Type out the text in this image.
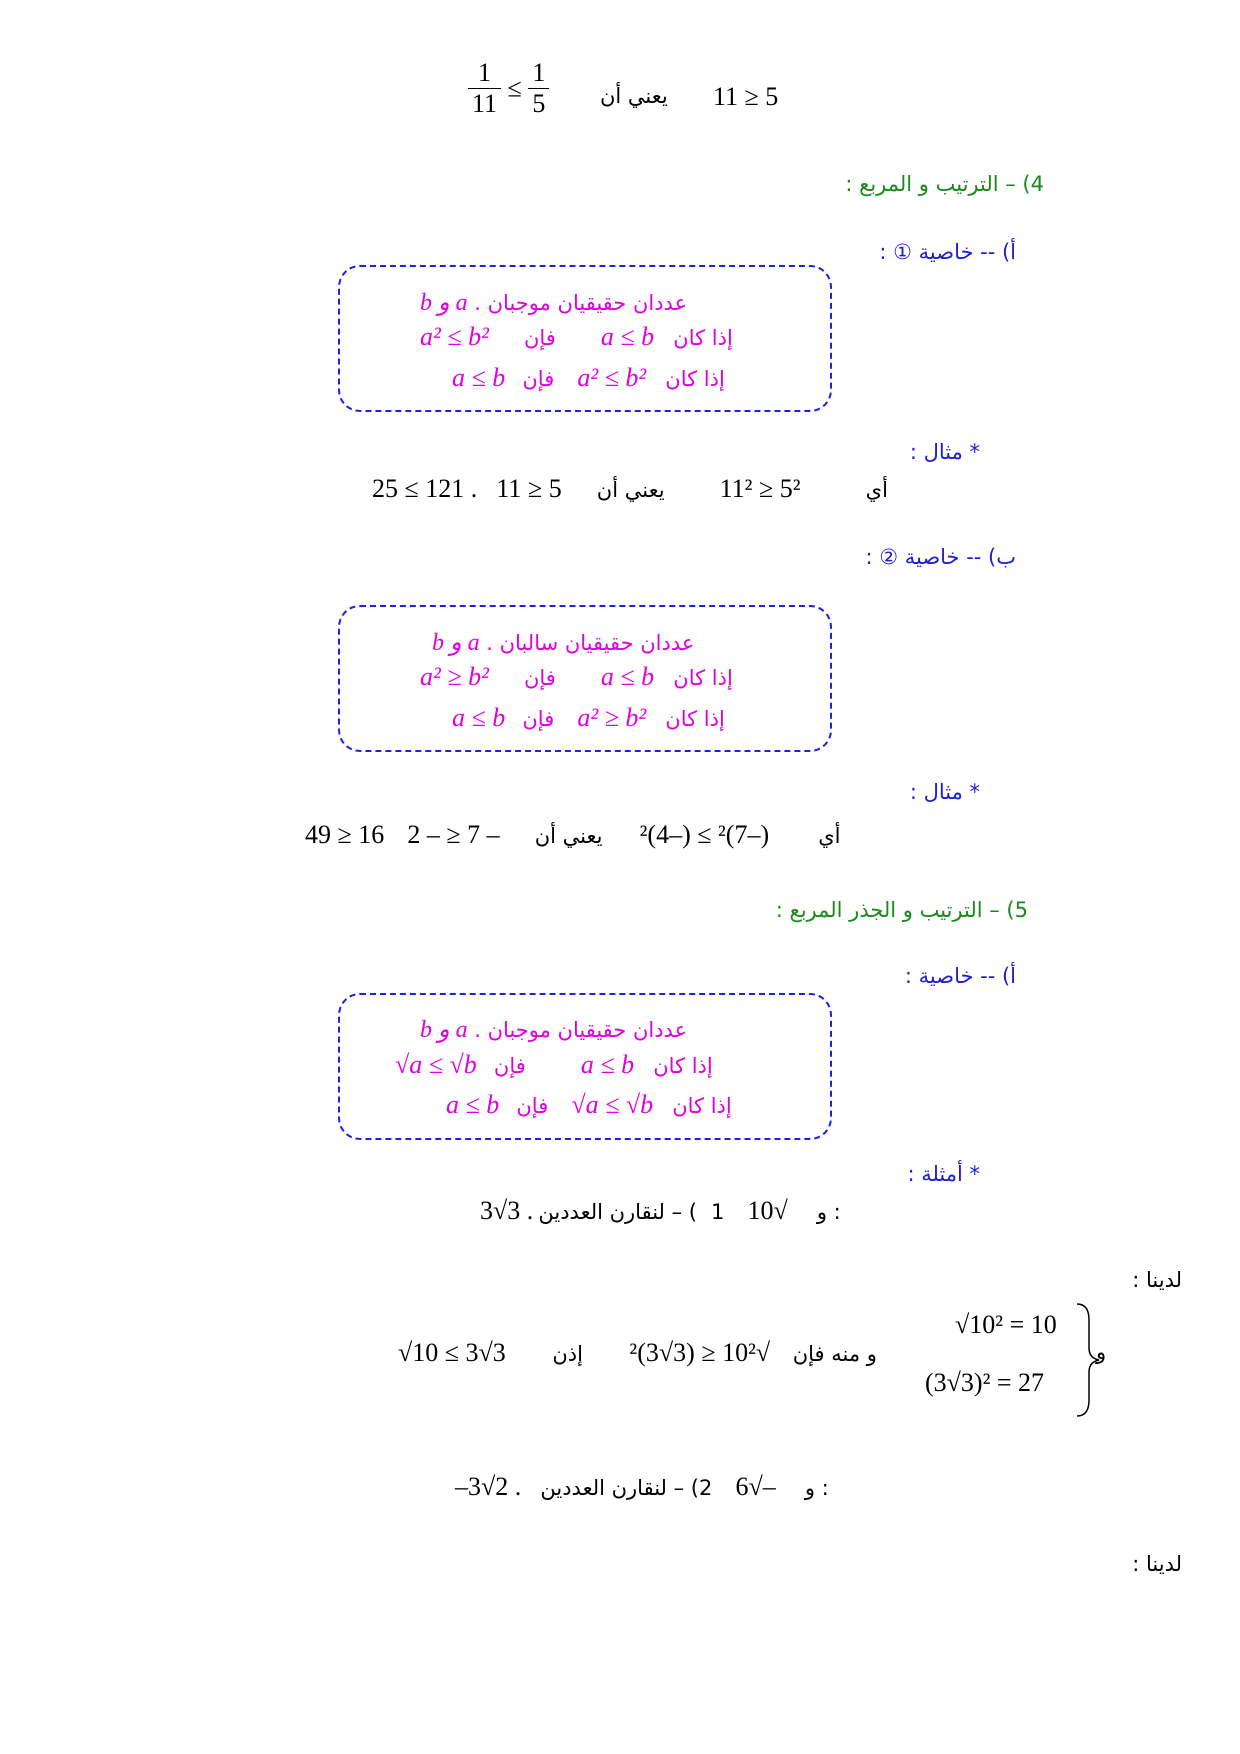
$\frac{1}{11} \le \frac{1}{5}$ يعني أن 11 ≥ 5
4) – الترتيب و المربع :
أ) -- خاصية ① :
عددان حقيقيان موجبان . a و b
a² ≤ b² فإن a ≤ b إذا كان
a ≤ b فإن a² ≤ b² إذا كان
* مثال :
25 ≤ 121 .	أي 5² ≤ 11² يعني أن 5 ≤ 11
ب) -- خاصية ② :
عددان حقيقيان سالبان . a و b
a² ≥ b² فإن a ≤ b إذا كان
a ≤ b فإن a² ≥ b² إذا كان
* مثال :
49 ≥ 16	أي (–7)² ≥ (–4)² يعني أن – 7 ≤ – 2
5) – الترتيب و الجذر المربع :
أ) -- خاصية :
عددان حقيقيان موجبان . a و b
√a ≤ √b فإن a ≤ b إذا كان
a ≤ b فإن √a ≤ √b إذا كان
* أمثلة :
3√3 .	و √10 1) – لنقارن العددين :
لدينا :
√10 ≤ 3√3	و منه فإن √10² ≤ (3√3)² إذن
√10² = 10
(3√3)² = 27
و
–3√2 .	و –√6 2) – لنقارن العددين :
لدينا :
